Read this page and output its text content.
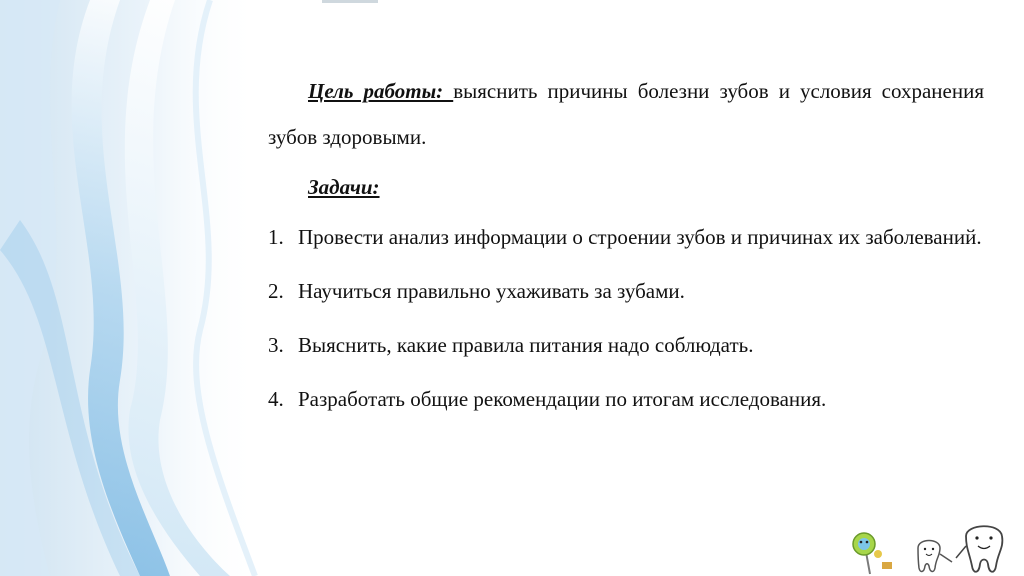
Цель работы: выяснить причины болезни зубов и условия сохранения зубов здоровыми.

Задачи:
1. Провести анализ информации о строении зубов и причинах их заболеваний.
2. Научиться правильно ухаживать за зубами.
3. Выяснить, какие правила питания надо соблюдать.
4. Разработать общие рекомендации по итогам исследования.
